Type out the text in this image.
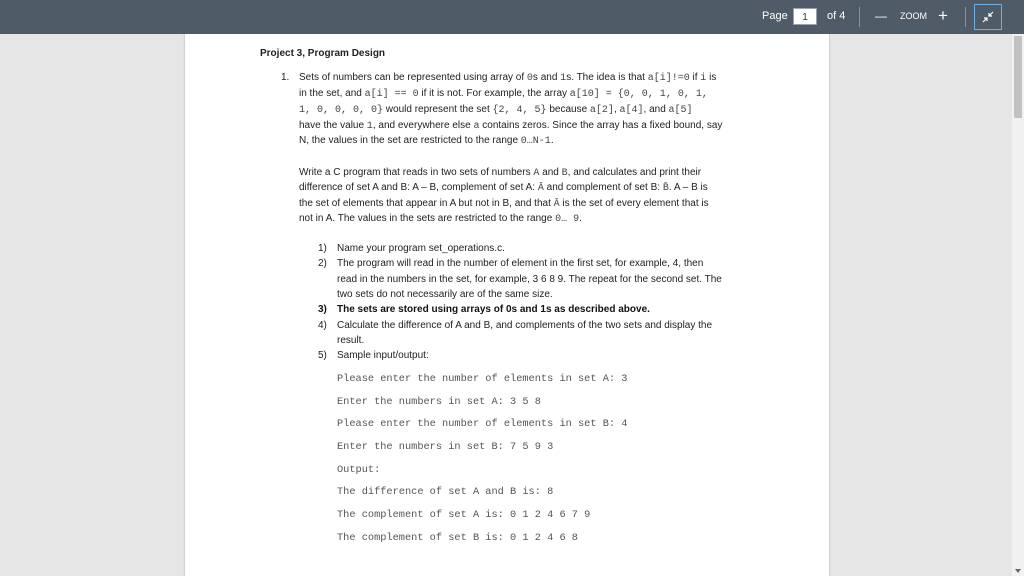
Page	1	of 4 — ZOOM +
Project 3, Program Design
1. Sets of numbers can be represented using array of 0s and 1s. The idea is that a[i]!=0 if i is
in the set, and a[i] == 0 if it is not. For example, the array a[10] = {0, 0, 1, 0, 1,
1, 0, 0, 0, 0} would represent the set {2, 4, 5} because a[2], a[4], and a[5]
have the value 1, and everywhere else a contains zeros. Since the array has a fixed bound, say
N, the values in the set are restricted to the range 0…N-1.
Write a C program that reads in two sets of numbers A and B, and calculates and print their
difference of set A and B: A – B, complement of set A: Ā and complement of set B: B̄. A – B is
the set of elements that appear in A but not in B, and that Ā is the set of every element that is
not in A. The values in the sets are restricted to the range 0… 9.
1) Name your program set_operations.c.
2) The program will read in the number of element in the first set, for example, 4, then
read in the numbers in the set, for example, 3 6 8 9. The repeat for the second set. The
two sets do not necessarily are of the same size.
3) The sets are stored using arrays of 0s and 1s as described above.
4) Calculate the difference of A and B, and complements of the two sets and display the
result.
5) Sample input/output:
Please enter the number of elements in set A: 3
Enter the numbers in set A: 3 5 8
Please enter the number of elements in set B: 4
Enter the numbers in set B: 7 5 9 3
Output:
The difference of set A and B is: 8
The complement of set A is: 0 1 2 4 6 7 9
The complement of set B is: 0 1 2 4 6 8
